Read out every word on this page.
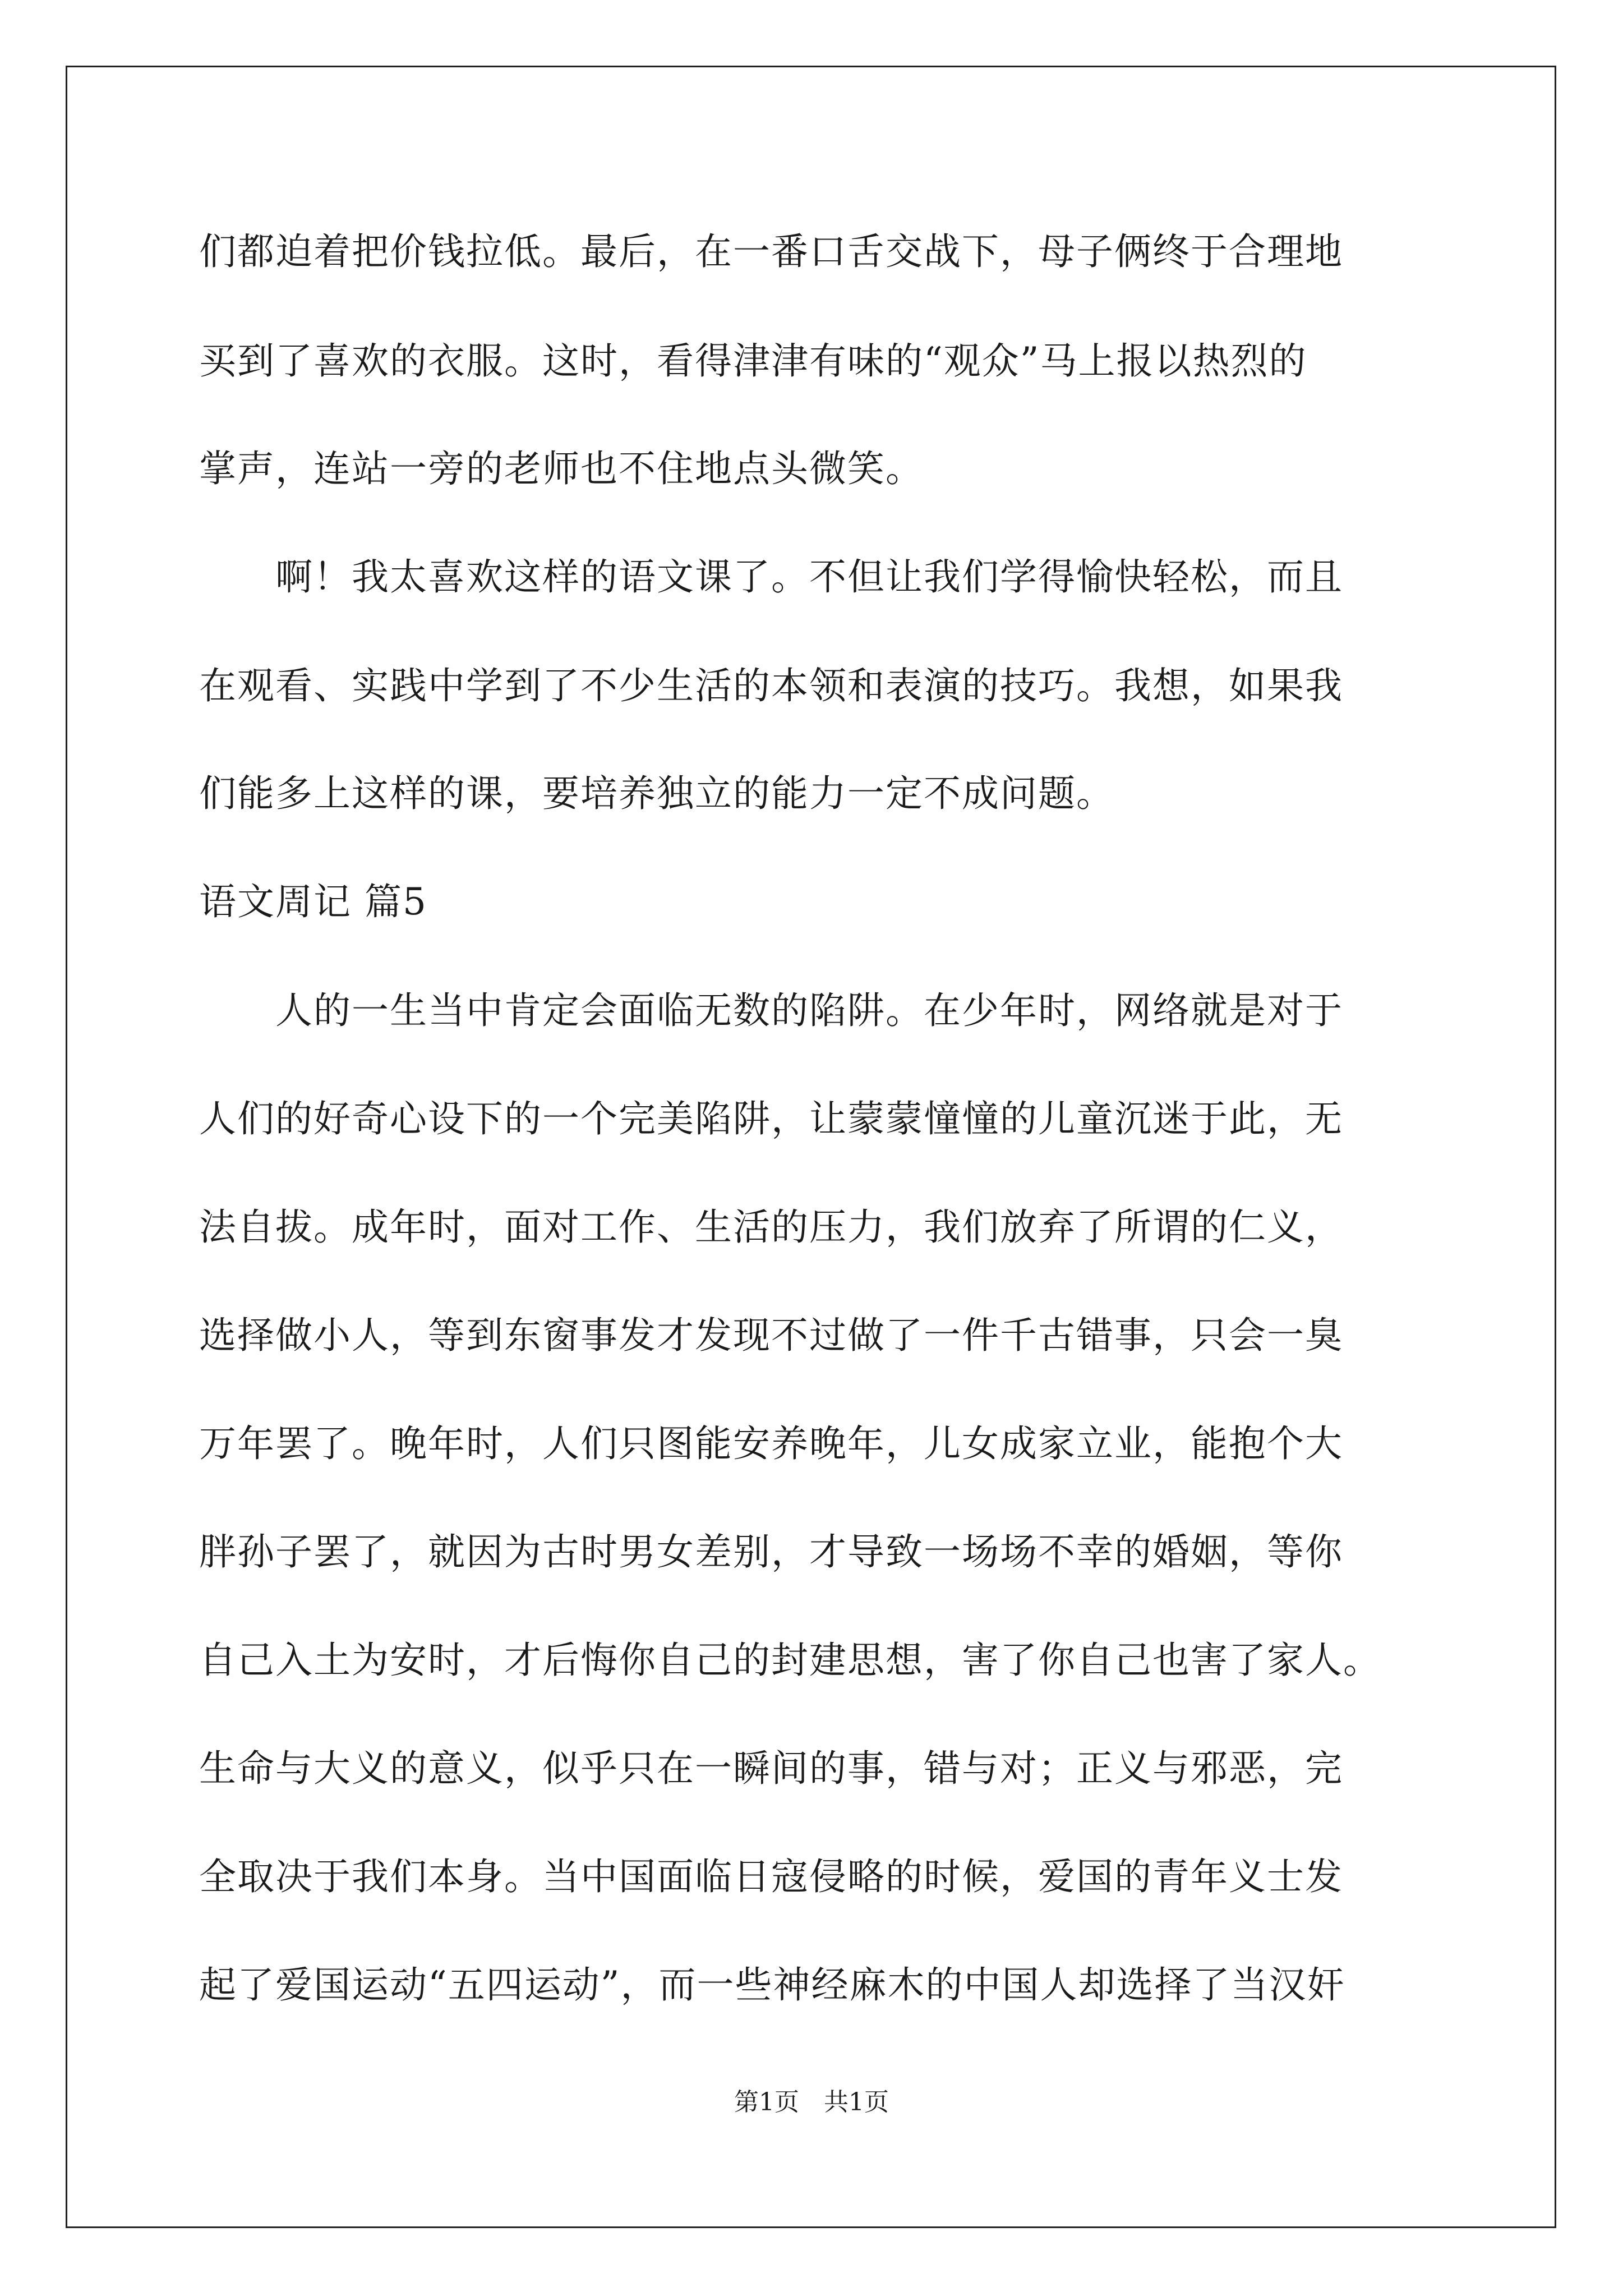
们都迫着把价钱拉低。最后，在一番口舌交战下，母子俩终于合理地
买到了喜欢的衣服。这时，看得津津有味的“观众”马上报以热烈的
掌声，连站一旁的老师也不住地点头微笑。
　　啊！我太喜欢这样的语文课了。不但让我们学得愉快轻松，而且
在观看、实践中学到了不少生活的本领和表演的技巧。我想，如果我
们能多上这样的课，要培养独立的能力一定不成问题。
语文周记 篇5
　　人的一生当中肯定会面临无数的陷阱。在少年时，网络就是对于
人们的好奇心设下的一个完美陷阱，让蒙蒙憧憧的儿童沉迷于此，无
法自拔。成年时，面对工作、生活的压力，我们放弃了所谓的仁义，
选择做小人，等到东窗事发才发现不过做了一件千古错事，只会一臭
万年罢了。晚年时，人们只图能安养晚年，儿女成家立业，能抱个大
胖孙子罢了，就因为古时男女差别，才导致一场场不幸的婚姻，等你
自己入土为安时，才后悔你自己的封建思想，害了你自己也害了家人。
生命与大义的意义，似乎只在一瞬间的事，错与对；正义与邪恶，完
全取决于我们本身。当中国面临日寇侵略的时候，爱国的青年义士发
起了爱国运动“五四运动”，而一些神经麻木的中国人却选择了当汉奸
第1页　共1页
